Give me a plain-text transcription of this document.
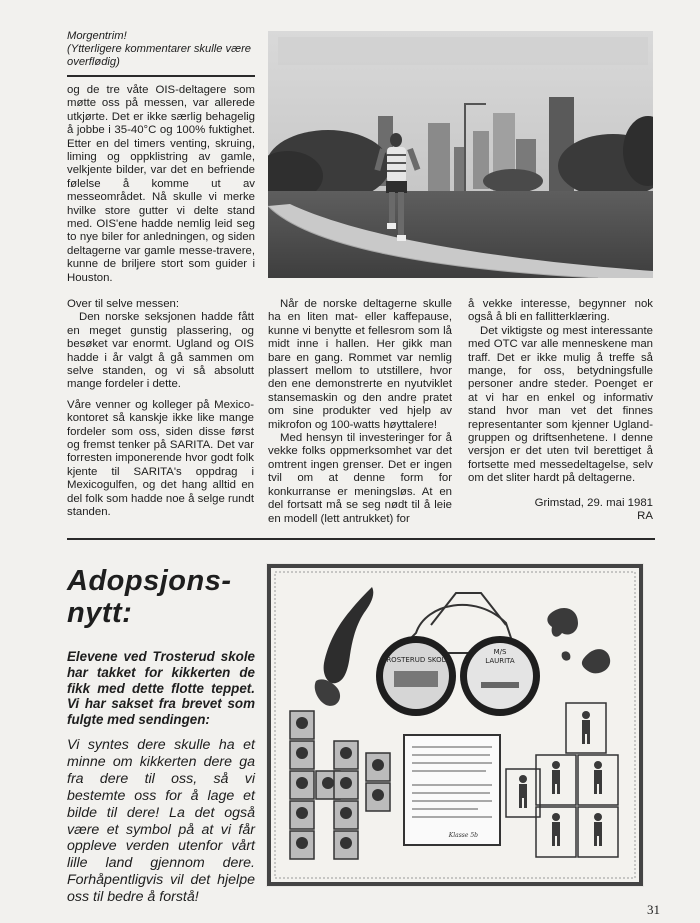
Morgentrim!
(Ytterligere kommentarer skulle være overflødig)

og de tre våte OIS-deltagere som møtte oss på messen, var allerede utkjørte. Det er ikke særlig behagelig å jobbe i 35-40°C og 100% fuktighet. Etter en del timers venting, skruing, liming og oppklistring av gamle, velkjente bilder, var det en befriende følelse å komme ut av messeområdet. Nå skulle vi merke hvilke store gutter vi delte stand med. OIS'ene hadde nemlig leid seg to nye biler for anledningen, og siden deltagerne var gamle messe-travere, kunne de briljere stort som guider i Houston.

Over til selve messen:

Den norske seksjonen hadde fått en meget gunstig plassering, og besøket var enormt. Ugland og OIS hadde i år valgt å gå sammen om selve standen, og vi så absolutt mange fordeler i dette.

Våre venner og kolleger på Mexico-kontoret så kanskje ikke like mange fordeler som oss, siden disse først og fremst tenker på SARITA. Det var forresten imponerende hvor godt folk kjente til SARITA's oppdrag i Mexicogulfen, og det hang alltid en del folk som hadde noe å selge rundt standen.

Når de norske deltagerne skulle ha en liten mat- eller kaffepause, kunne vi benytte et fellesrom som lå midt inne i hallen. Her gikk man bare en gang. Rommet var nemlig plassert mellom to utstillere, hvor den ene demonstrerte en nyutviklet stansemaskin og den andre pratet om sine produkter ved hjelp av mikrofon og 100-watts høyttalere!

Med hensyn til investeringer for å vekke folks oppmerksomhet var det omtrent ingen grenser. Det er ingen tvil om at denne form for konkurranse er meningsløs. At en del fortsatt må se seg nødt til å leie en modell (lett antrukket) for

å vekke interesse, begynner nok også å bli en fallitterklæring.

Det viktigste og mest interessante med OTC var alle menneskene man traff. Det er ikke mulig å treffe så mange, for oss, betydningsfulle personer andre steder. Poenget er at vi har en enkel og informativ stand hvor man vet det finnes representanter som kjenner Ugland-gruppen og driftsenhetene. I denne versjon er det uten tvil berettiget å fortsette med messedeltagelse, selv om det sliter hardt på deltagerne.

Grimstad, 29. mai 1981

RA

Adopsjons-
nytt:
Elevene ved Trosterud skole har takket for kikkerten de fikk med dette flotte teppet. Vi har sakset fra brevet som fulgte med sendingen:
Vi syntes dere skulle ha et minne om kikkerten dere ga fra dere til oss, så vi bestemte oss for å lage et bilde til dere! La det også være et symbol på at vi får oppleve verden utenfor vårt lille land gjennom dere. Forhåpentligvis vil det hjelpe oss til bedre å forstå!
TROSTERUD SKOLE
M/S
LAURITA
Klasse 5b
31
